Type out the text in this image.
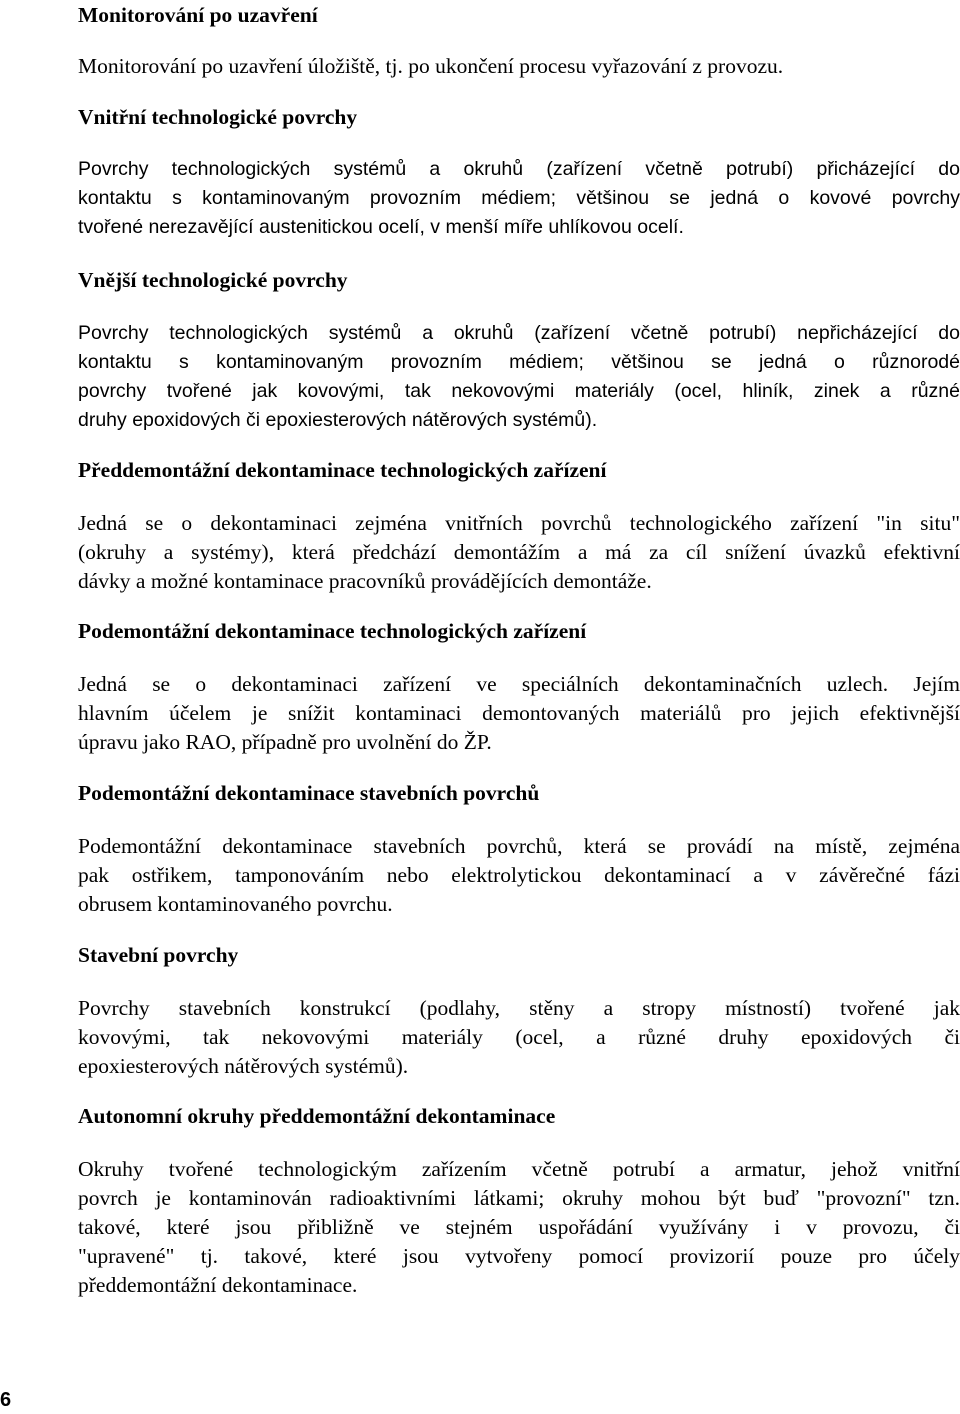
Monitorování po uzavření
Monitorování po uzavření úložiště, tj. po ukončení procesu vyřazování z provozu.
Vnitřní technologické povrchy
Povrchy technologických systémů a okruhů (zařízení včetně potrubí) přicházející do
kontaktu s kontaminovaným provozním médiem; většinou se jedná o kovové povrchy
tvořené nerezavějící austenitickou ocelí, v menší míře uhlíkovou ocelí.
Vnější technologické povrchy
Povrchy technologických systémů a okruhů (zařízení včetně potrubí) nepřicházející do
kontaktu s kontaminovaným provozním médiem; většinou se jedná o různorodé
povrchy tvořené jak kovovými, tak nekovovými materiály (ocel, hliník, zinek a různé
druhy epoxidových či epoxiesterových nátěrových systémů).
Předdemontážní dekontaminace technologických zařízení
Jedná se o dekontaminaci zejména vnitřních povrchů technologického zařízení "in situ"
(okruhy a systémy), která předchází demontážím a má za cíl snížení úvazků efektivní
dávky a možné kontaminace pracovníků provádějících demontáže.
Podemontážní dekontaminace technologických zařízení
Jedná se o dekontaminaci zařízení ve speciálních dekontaminačních uzlech. Jejím
hlavním účelem je snížit kontaminaci demontovaných materiálů pro jejich efektivnější
úpravu jako RAO, případně pro uvolnění do ŽP.
Podemontážní dekontaminace stavebních povrchů
Podemontážní dekontaminace stavebních povrchů, která se provádí na místě, zejména
pak ostřikem, tamponováním nebo elektrolytickou dekontaminací a v závěrečné fázi
obrusem kontaminovaného povrchu.
Stavební povrchy
Povrchy stavebních konstrukcí (podlahy, stěny a stropy místností) tvořené jak
kovovými, tak nekovovými materiály (ocel, a různé druhy epoxidových či
epoxiesterových nátěrových systémů).
Autonomní okruhy předdemontážní dekontaminace
Okruhy tvořené technologickým zařízením včetně potrubí a armatur, jehož vnitřní
povrch je kontaminován radioaktivními látkami; okruhy mohou být buď "provozní" tzn.
takové, které jsou přibližně ve stejném uspořádání využívány i v provozu, či
"upravené" tj. takové, které jsou vytvořeny pomocí provizorií pouze pro účely
předdemontážní dekontaminace.
6
